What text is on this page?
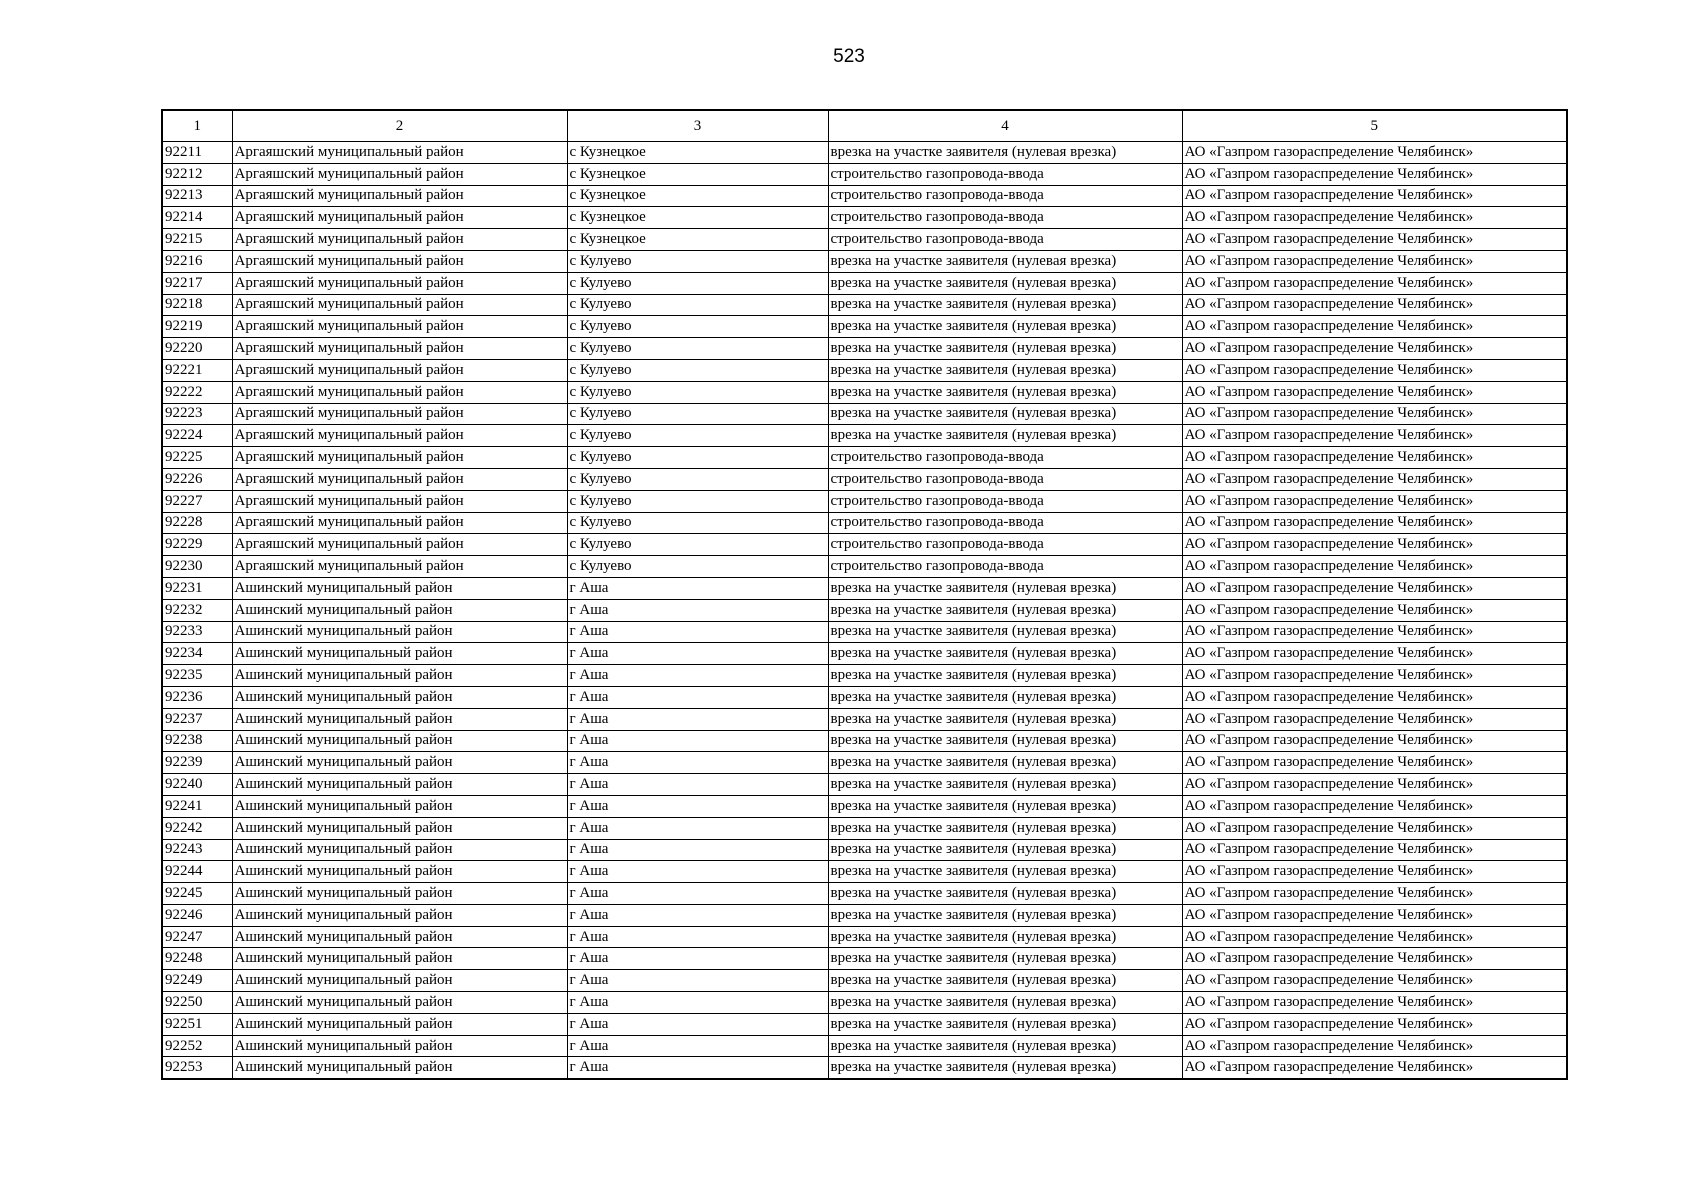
523
1	2	3	4	5
92211	Аргаяшский муниципальный район	с Кузнецкое	врезка на участке заявителя (нулевая врезка)	АО «Газпром газораспределение Челябинск»
92212	Аргаяшский муниципальный район	с Кузнецкое	строительство газопровода-ввода	АО «Газпром газораспределение Челябинск»
92213	Аргаяшский муниципальный район	с Кузнецкое	строительство газопровода-ввода	АО «Газпром газораспределение Челябинск»
92214	Аргаяшский муниципальный район	с Кузнецкое	строительство газопровода-ввода	АО «Газпром газораспределение Челябинск»
92215	Аргаяшский муниципальный район	с Кузнецкое	строительство газопровода-ввода	АО «Газпром газораспределение Челябинск»
92216	Аргаяшский муниципальный район	с Кулуево	врезка на участке заявителя (нулевая врезка)	АО «Газпром газораспределение Челябинск»
92217	Аргаяшский муниципальный район	с Кулуево	врезка на участке заявителя (нулевая врезка)	АО «Газпром газораспределение Челябинск»
92218	Аргаяшский муниципальный район	с Кулуево	врезка на участке заявителя (нулевая врезка)	АО «Газпром газораспределение Челябинск»
92219	Аргаяшский муниципальный район	с Кулуево	врезка на участке заявителя (нулевая врезка)	АО «Газпром газораспределение Челябинск»
92220	Аргаяшский муниципальный район	с Кулуево	врезка на участке заявителя (нулевая врезка)	АО «Газпром газораспределение Челябинск»
92221	Аргаяшский муниципальный район	с Кулуево	врезка на участке заявителя (нулевая врезка)	АО «Газпром газораспределение Челябинск»
92222	Аргаяшский муниципальный район	с Кулуево	врезка на участке заявителя (нулевая врезка)	АО «Газпром газораспределение Челябинск»
92223	Аргаяшский муниципальный район	с Кулуево	врезка на участке заявителя (нулевая врезка)	АО «Газпром газораспределение Челябинск»
92224	Аргаяшский муниципальный район	с Кулуево	врезка на участке заявителя (нулевая врезка)	АО «Газпром газораспределение Челябинск»
92225	Аргаяшский муниципальный район	с Кулуево	строительство газопровода-ввода	АО «Газпром газораспределение Челябинск»
92226	Аргаяшский муниципальный район	с Кулуево	строительство газопровода-ввода	АО «Газпром газораспределение Челябинск»
92227	Аргаяшский муниципальный район	с Кулуево	строительство газопровода-ввода	АО «Газпром газораспределение Челябинск»
92228	Аргаяшский муниципальный район	с Кулуево	строительство газопровода-ввода	АО «Газпром газораспределение Челябинск»
92229	Аргаяшский муниципальный район	с Кулуево	строительство газопровода-ввода	АО «Газпром газораспределение Челябинск»
92230	Аргаяшский муниципальный район	с Кулуево	строительство газопровода-ввода	АО «Газпром газораспределение Челябинск»
92231	Ашинский муниципальный район	г Аша	врезка на участке заявителя (нулевая врезка)	АО «Газпром газораспределение Челябинск»
92232	Ашинский муниципальный район	г Аша	врезка на участке заявителя (нулевая врезка)	АО «Газпром газораспределение Челябинск»
92233	Ашинский муниципальный район	г Аша	врезка на участке заявителя (нулевая врезка)	АО «Газпром газораспределение Челябинск»
92234	Ашинский муниципальный район	г Аша	врезка на участке заявителя (нулевая врезка)	АО «Газпром газораспределение Челябинск»
92235	Ашинский муниципальный район	г Аша	врезка на участке заявителя (нулевая врезка)	АО «Газпром газораспределение Челябинск»
92236	Ашинский муниципальный район	г Аша	врезка на участке заявителя (нулевая врезка)	АО «Газпром газораспределение Челябинск»
92237	Ашинский муниципальный район	г Аша	врезка на участке заявителя (нулевая врезка)	АО «Газпром газораспределение Челябинск»
92238	Ашинский муниципальный район	г Аша	врезка на участке заявителя (нулевая врезка)	АО «Газпром газораспределение Челябинск»
92239	Ашинский муниципальный район	г Аша	врезка на участке заявителя (нулевая врезка)	АО «Газпром газораспределение Челябинск»
92240	Ашинский муниципальный район	г Аша	врезка на участке заявителя (нулевая врезка)	АО «Газпром газораспределение Челябинск»
92241	Ашинский муниципальный район	г Аша	врезка на участке заявителя (нулевая врезка)	АО «Газпром газораспределение Челябинск»
92242	Ашинский муниципальный район	г Аша	врезка на участке заявителя (нулевая врезка)	АО «Газпром газораспределение Челябинск»
92243	Ашинский муниципальный район	г Аша	врезка на участке заявителя (нулевая врезка)	АО «Газпром газораспределение Челябинск»
92244	Ашинский муниципальный район	г Аша	врезка на участке заявителя (нулевая врезка)	АО «Газпром газораспределение Челябинск»
92245	Ашинский муниципальный район	г Аша	врезка на участке заявителя (нулевая врезка)	АО «Газпром газораспределение Челябинск»
92246	Ашинский муниципальный район	г Аша	врезка на участке заявителя (нулевая врезка)	АО «Газпром газораспределение Челябинск»
92247	Ашинский муниципальный район	г Аша	врезка на участке заявителя (нулевая врезка)	АО «Газпром газораспределение Челябинск»
92248	Ашинский муниципальный район	г Аша	врезка на участке заявителя (нулевая врезка)	АО «Газпром газораспределение Челябинск»
92249	Ашинский муниципальный район	г Аша	врезка на участке заявителя (нулевая врезка)	АО «Газпром газораспределение Челябинск»
92250	Ашинский муниципальный район	г Аша	врезка на участке заявителя (нулевая врезка)	АО «Газпром газораспределение Челябинск»
92251	Ашинский муниципальный район	г Аша	врезка на участке заявителя (нулевая врезка)	АО «Газпром газораспределение Челябинск»
92252	Ашинский муниципальный район	г Аша	врезка на участке заявителя (нулевая врезка)	АО «Газпром газораспределение Челябинск»
92253	Ашинский муниципальный район	г Аша	врезка на участке заявителя (нулевая врезка)	АО «Газпром газораспределение Челябинск»
